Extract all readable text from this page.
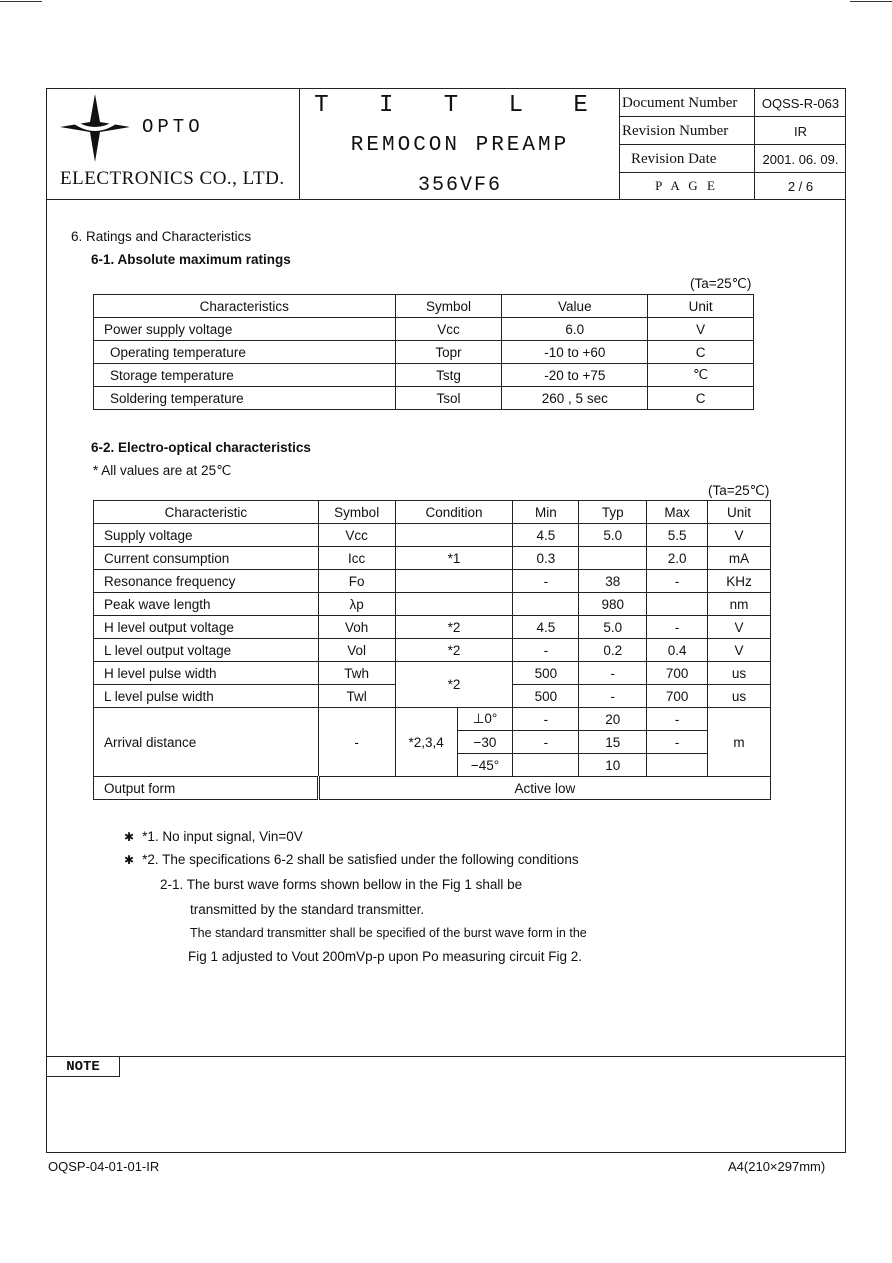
OPTO
ELECTRONICS CO., LTD.
T I T L E
REMOCON PREAMP
356VF6
Document Number	OQSS-R-063
Revision Number	IR
Revision Date	2001. 06. 09.
P A G E	2 / 6
6. Ratings and Characteristics
6-1. Absolute maximum ratings
(Ta=25℃)
Characteristics	Symbol	Value	Unit
Power supply voltage	Vcc	6.0	V
Operating temperature	Topr	-10 to +60	C
Storage temperature	Tstg	-20 to +75	℃
Soldering temperature	Tsol	260 , 5 sec	C
6-2. Electro-optical characteristics
* All values are at 25℃
(Ta=25℃)
Characteristic	Symbol	Condition		Min	Typ	Max	Unit
Supply voltage	Vcc			4.5	5.0	5.5	V
Current consumption	Icc	*1		0.3		2.0	mA
Resonance frequency	Fo			-	38	-	KHz
Peak wave length	λp				980		nm
H level output voltage	Voh	*2		4.5	5.0	-	V
L level output voltage	Vol	*2		-	0.2	0.4	V
H level pulse width	Twh	*2		500	-	700	us
L level pulse width	Twl			500	-	700	us
Arrival distance	-	*2,3,4	⊥0°	-	20	-	m
			−30	-	15	-	
			−45°		10		
Output form	Active low						
✱ *1. No input signal, Vin=0V
✱ *2. The specifications 6-2 shall be satisfied under the following conditions
2-1. The burst wave forms shown bellow in the Fig 1 shall be
transmitted by the standard transmitter.
The standard transmitter shall be specified of the burst wave form in the
Fig 1 adjusted to Vout 200mVp-p upon Po measuring circuit Fig 2.
NOTE
OQSP-04-01-01-IR	A4(210×297mm)
